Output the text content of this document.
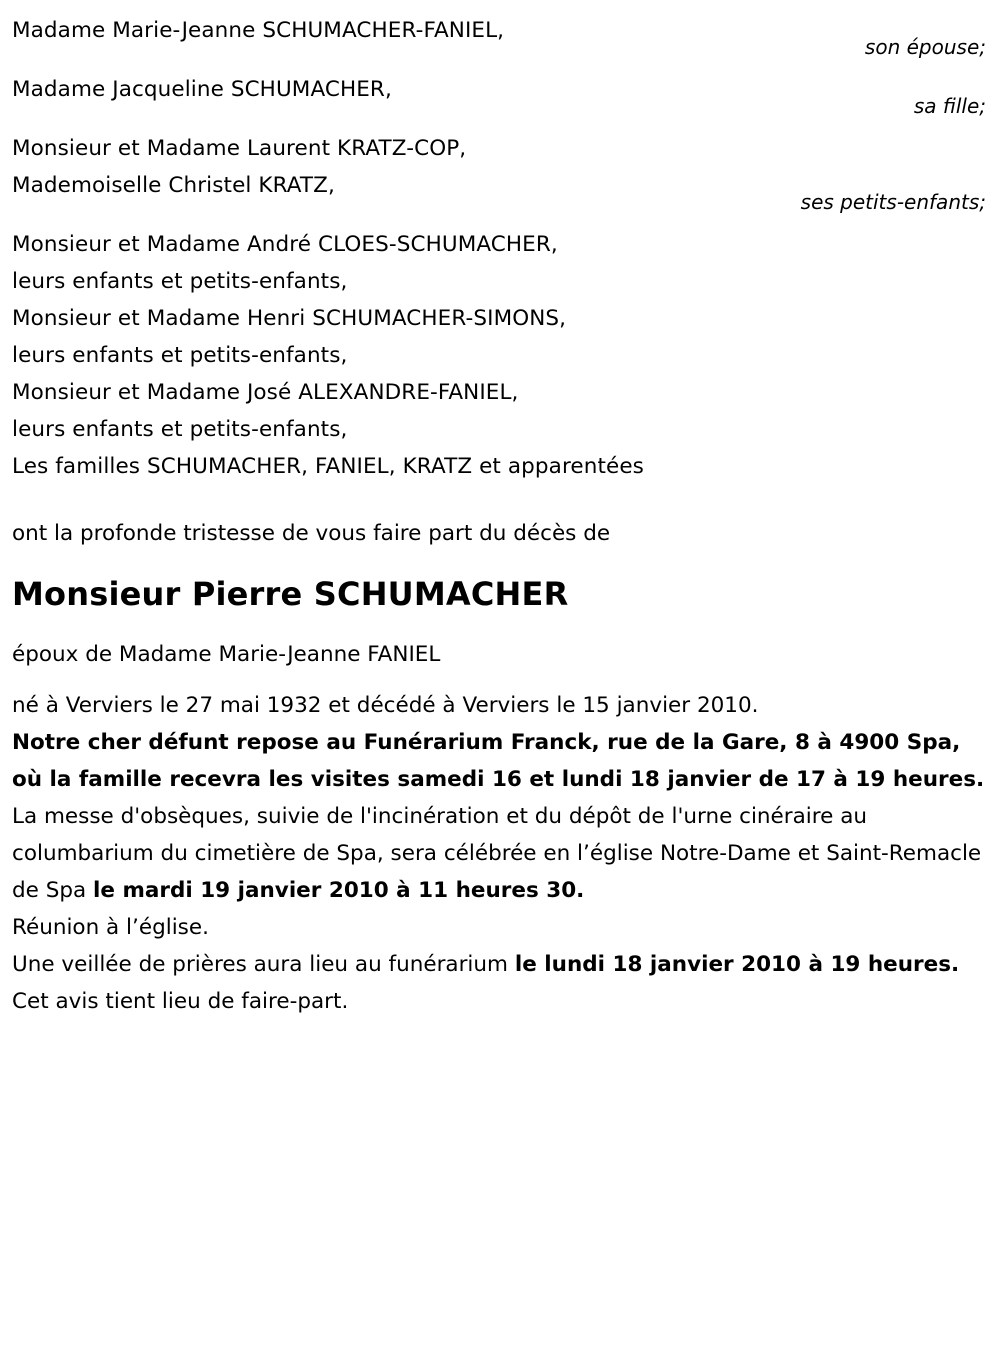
Madame Marie-Jeanne SCHUMACHER-FANIEL,
son épouse;
Madame Jacqueline SCHUMACHER,
sa fille;
Monsieur et Madame Laurent KRATZ-COP,
Mademoiselle Christel KRATZ,
ses petits-enfants;
Monsieur et Madame André CLOES-SCHUMACHER,
leurs enfants et petits-enfants,
Monsieur et Madame Henri SCHUMACHER-SIMONS,
leurs enfants et petits-enfants,
Monsieur et Madame José ALEXANDRE-FANIEL,
leurs enfants et petits-enfants,
Les familles SCHUMACHER, FANIEL, KRATZ et apparentées

ont la profonde tristesse de vous faire part du décès de

Monsieur Pierre SCHUMACHER

époux de Madame Marie-Jeanne FANIEL

né à Verviers le 27 mai 1932 et décédé à Verviers le 15 janvier 2010.

Notre cher défunt repose au Funérarium Franck, rue de la Gare, 8 à 4900 Spa, où la famille recevra les visites samedi 16 et lundi 18 janvier de 17 à 19 heures.

La messe d'obsèques, suivie de l'incinération et du dépôt de l'urne cinéraire au columbarium du cimetière de Spa, sera célébrée en l’église Notre-Dame et Saint-Remacle de Spa le mardi 19 janvier 2010 à 11 heures 30.

Réunion à l’église.

Une veillée de prières aura lieu au funérarium le lundi 18 janvier 2010 à 19 heures.

Cet avis tient lieu de faire-part.
